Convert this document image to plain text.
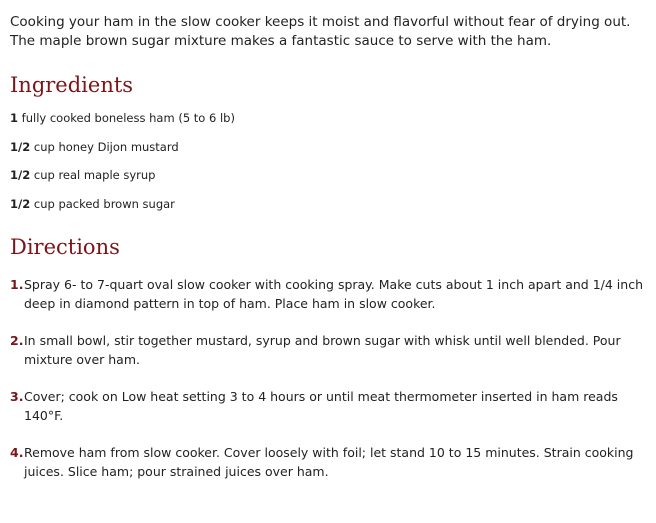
Cooking your ham in the slow cooker keeps it moist and flavorful without fear of drying out. The maple brown sugar mixture makes a fantastic sauce to serve with the ham.

Ingredients
1 fully cooked boneless ham (5 to 6 lb)
1/2 cup honey Dijon mustard
1/2 cup real maple syrup
1/2 cup packed brown sugar
Directions
1. Spray 6- to 7-quart oval slow cooker with cooking spray. Make cuts about 1 inch apart and 1/4 inch deep in diamond pattern in top of ham. Place ham in slow cooker.
2. In small bowl, stir together mustard, syrup and brown sugar with whisk until well blended. Pour mixture over ham.
3. Cover; cook on Low heat setting 3 to 4 hours or until meat thermometer inserted in ham reads 140°F.
4. Remove ham from slow cooker. Cover loosely with foil; let stand 10 to 15 minutes. Strain cooking juices. Slice ham; pour strained juices over ham.
